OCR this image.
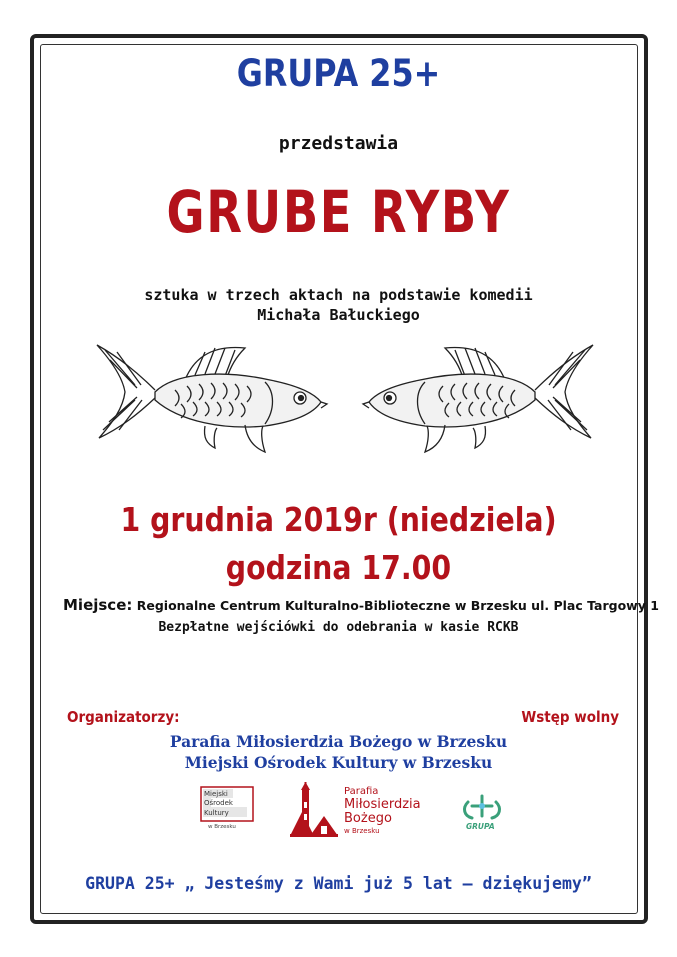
GRUPA 25+
przedstawia
GRUBE RYBY
sztuka w trzech aktach na podstawie komedii
Michała Bałuckiego
1 grudnia 2019r (niedziela)
godzina 17.00
Miejsce: Regionalne Centrum Kulturalno-Biblioteczne w Brzesku ul. Plac Targowy 1
Bezpłatne wejściówki do odebrania w kasie RCKB
Organizatorzy:	Wstęp wolny
Parafia Miłosierdzia Bożego w Brzesku
Miejski Ośrodek Kultury w Brzesku
Miejski
Ośrodek
Kultury
w Brzesku
Parafia
Miłosierdzia
Bożego
w Brzesku	GRUPA
GRUPA 25+ „ Jesteśmy z Wami już 5 lat – dziękujemy”
